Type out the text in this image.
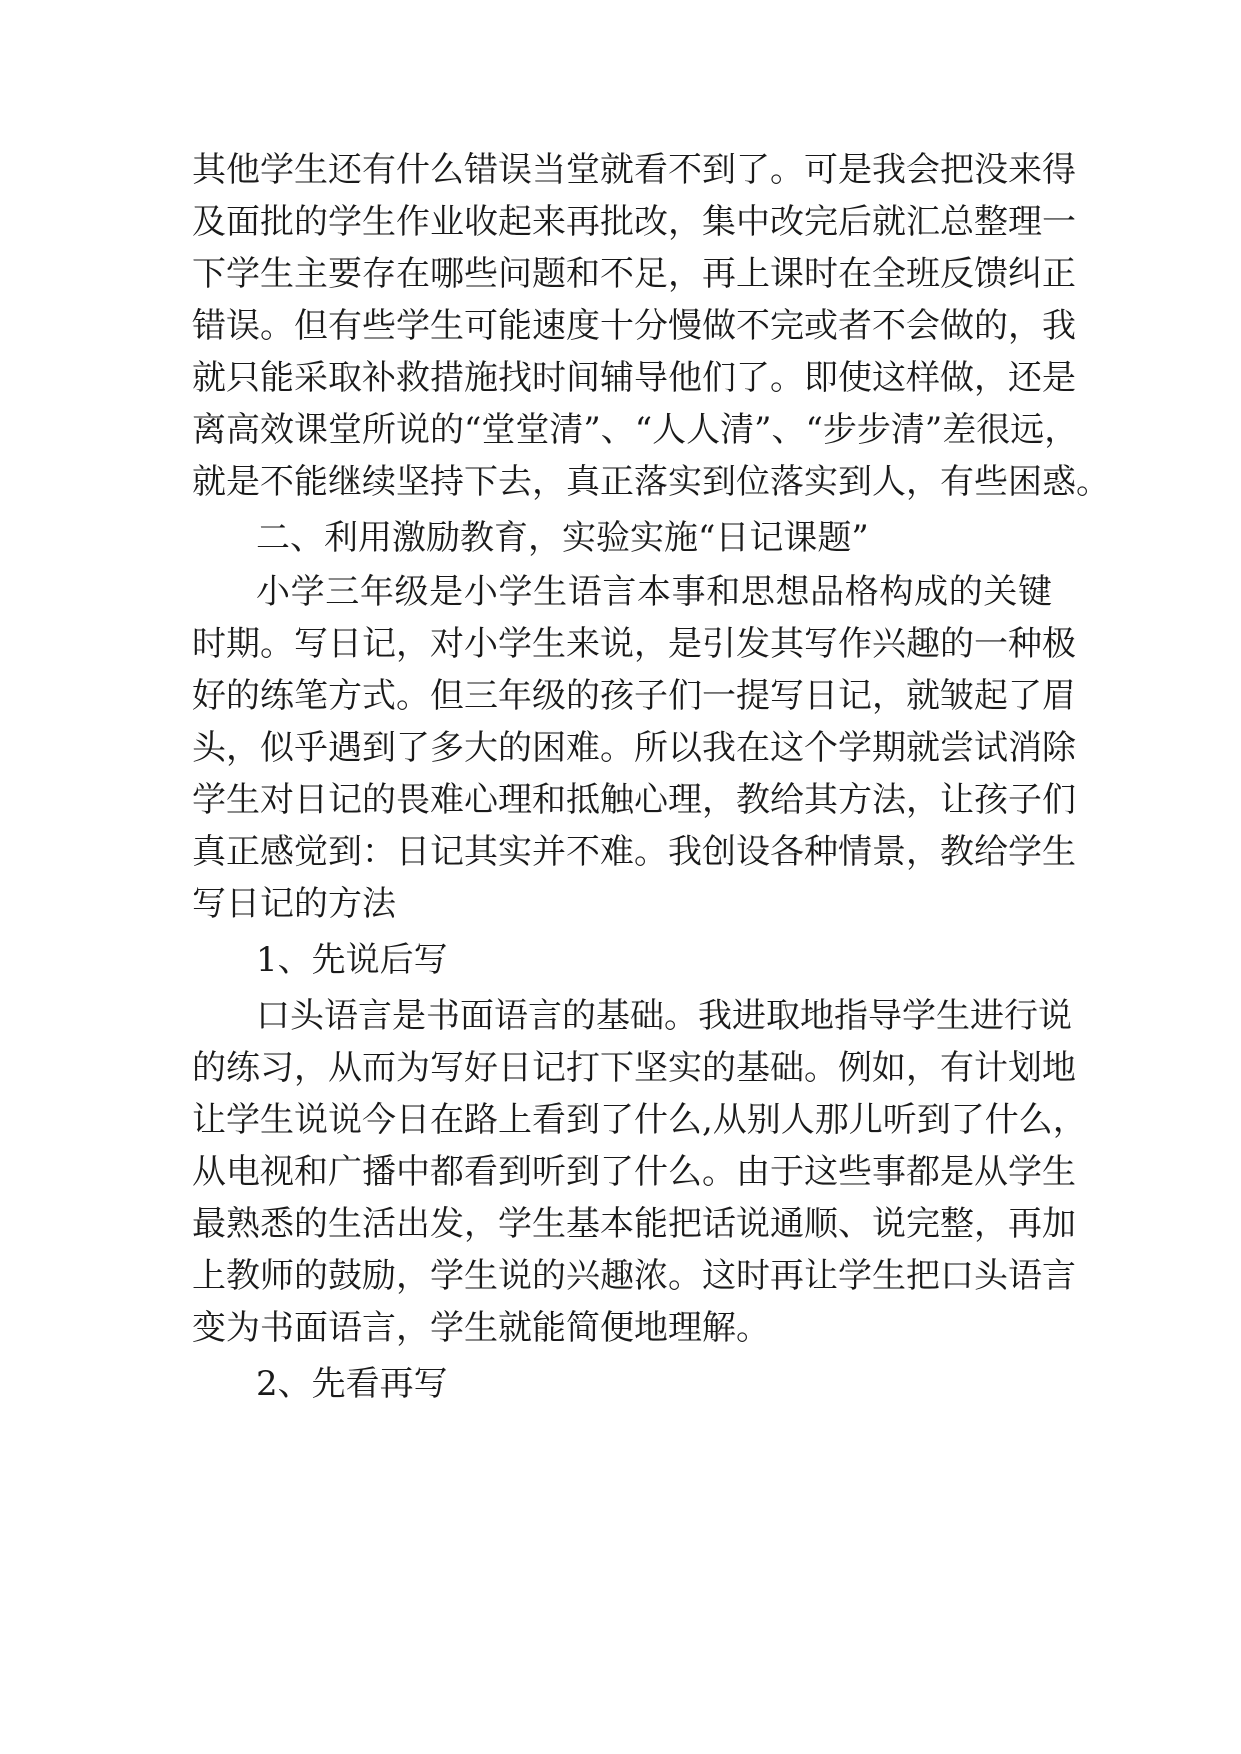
其他学生还有什么错误当堂就看不到了。可是我会把没来得
及面批的学生作业收起来再批改，集中改完后就汇总整理一
下学生主要存在哪些问题和不足，再上课时在全班反馈纠正
错误。但有些学生可能速度十分慢做不完或者不会做的，我
就只能采取补救措施找时间辅导他们了。即使这样做，还是
离高效课堂所说的“堂堂清”、“人人清”、“步步清”差很远，
就是不能继续坚持下去，真正落实到位落实到人，有些困惑。
二、利用激励教育，实验实施“日记课题”
小学三年级是小学生语言本事和思想品格构成的关键
时期。写日记，对小学生来说，是引发其写作兴趣的一种极
好的练笔方式。但三年级的孩子们一提写日记，就皱起了眉
头，似乎遇到了多大的困难。所以我在这个学期就尝试消除
学生对日记的畏难心理和抵触心理，教给其方法，让孩子们
真正感觉到：日记其实并不难。我创设各种情景，教给学生
写日记的方法
1、先说后写
口头语言是书面语言的基础。我进取地指导学生进行说
的练习，从而为写好日记打下坚实的基础。例如，有计划地
让学生说说今日在路上看到了什么,从别人那儿听到了什么，
从电视和广播中都看到听到了什么。由于这些事都是从学生
最熟悉的生活出发，学生基本能把话说通顺、说完整，再加
上教师的鼓励，学生说的兴趣浓。这时再让学生把口头语言
变为书面语言，学生就能简便地理解。
2、先看再写
